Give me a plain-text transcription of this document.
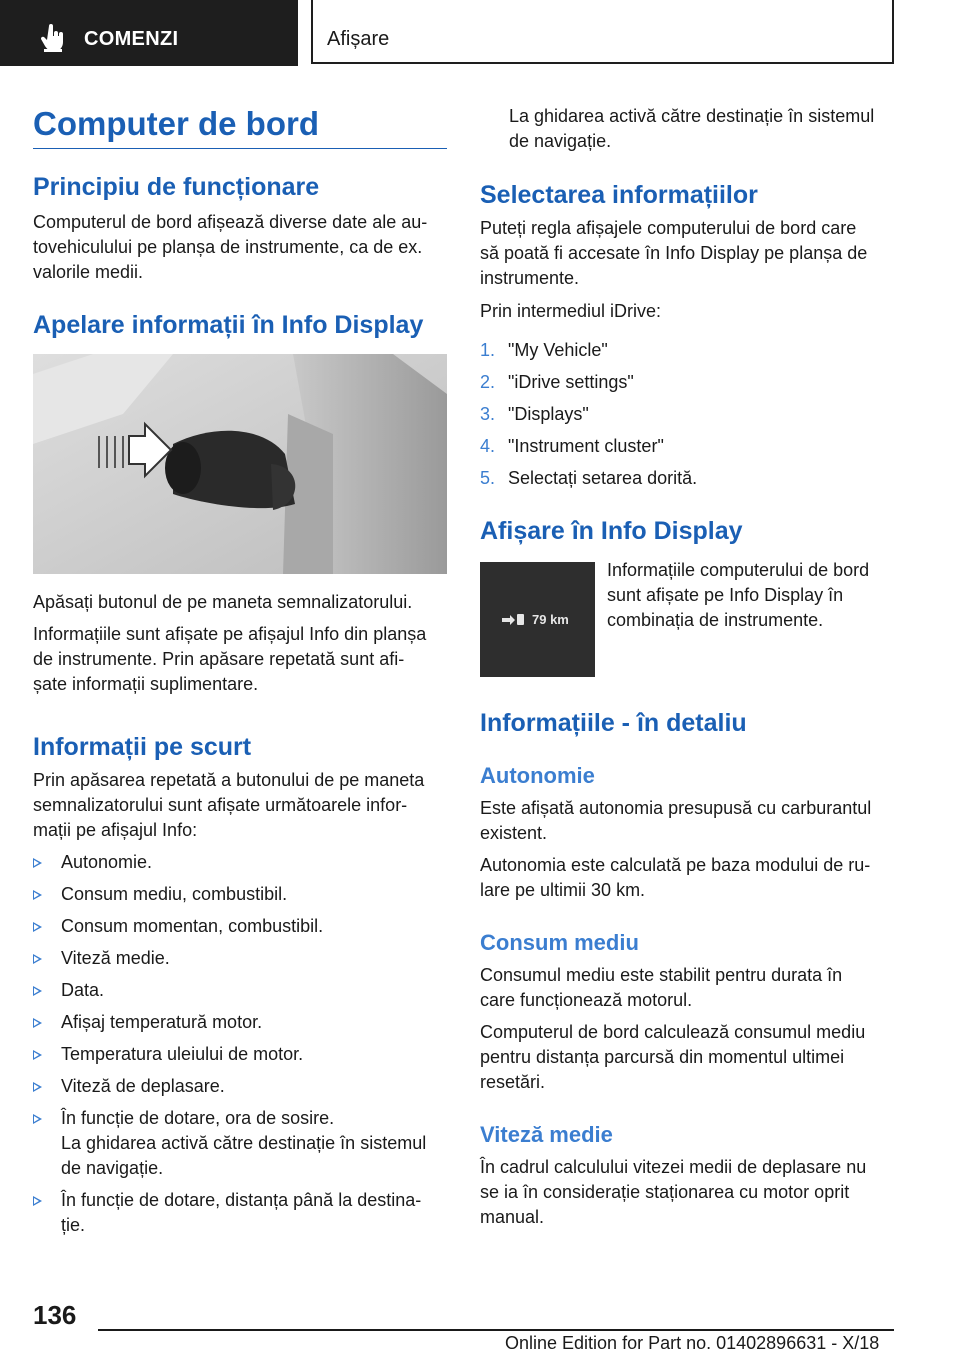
COMENZI	Afișare
Computer de bord
Principiu de funcționare

Computerul de bord afișează diverse date ale au-
tovehiculului pe planșa de instrumente, ca de ex.
valorile medii.

Apelare informații în Info Display

Apăsați butonul de pe maneta semnalizatorului.

Informațiile sunt afișate pe afișajul Info din planșa
de instrumente. Prin apăsare repetată sunt afi-
șate informații suplimentare.

Informații pe scurt

Prin apăsarea repetată a butonului de pe maneta
semnalizatorului sunt afișate următoarele infor-
mații pe afișajul Info:

Autonomie.
Consum mediu, combustibil.
Consum momentan, combustibil.
Viteză medie.
Data.
Afișaj temperatură motor.
Temperatura uleiului de motor.
Viteză de deplasare.
În funcție de dotare, ora de sosire.
La ghidarea activă către destinație în sistemul
de navigație.
În funcție de dotare, distanța până la destina-
ție.

La ghidarea activă către destinație în sistemul
de navigație.

Selectarea informațiilor

Puteți regla afișajele computerului de bord care
să poată fi accesate în Info Display pe planșa de
instrumente.

Prin intermediul iDrive:

1. "My Vehicle"
2. "iDrive settings"
3. "Displays"
4. "Instrument cluster"
5. Selectați setarea dorită.
Afișare în Info Display
79 km

Informațiile computerului de bord
sunt afișate pe Info Display în
combinația de instrumente.

Informațiile - în detaliu
Autonomie

Este afișată autonomia presupusă cu carburantul
existent.

Autonomia este calculată pe baza modului de ru-
lare pe ultimii 30 km.

Consum mediu

Consumul mediu este stabilit pentru durata în
care funcționează motorul.

Computerul de bord calculează consumul mediu
pentru distanța parcursă din momentul ultimei
resetări.

Viteză medie

În cadrul calculului vitezei medii de deplasare nu
se ia în considerație staționarea cu motor oprit
manual.

136
Online Edition for Part no. 01402896631 - X/18
